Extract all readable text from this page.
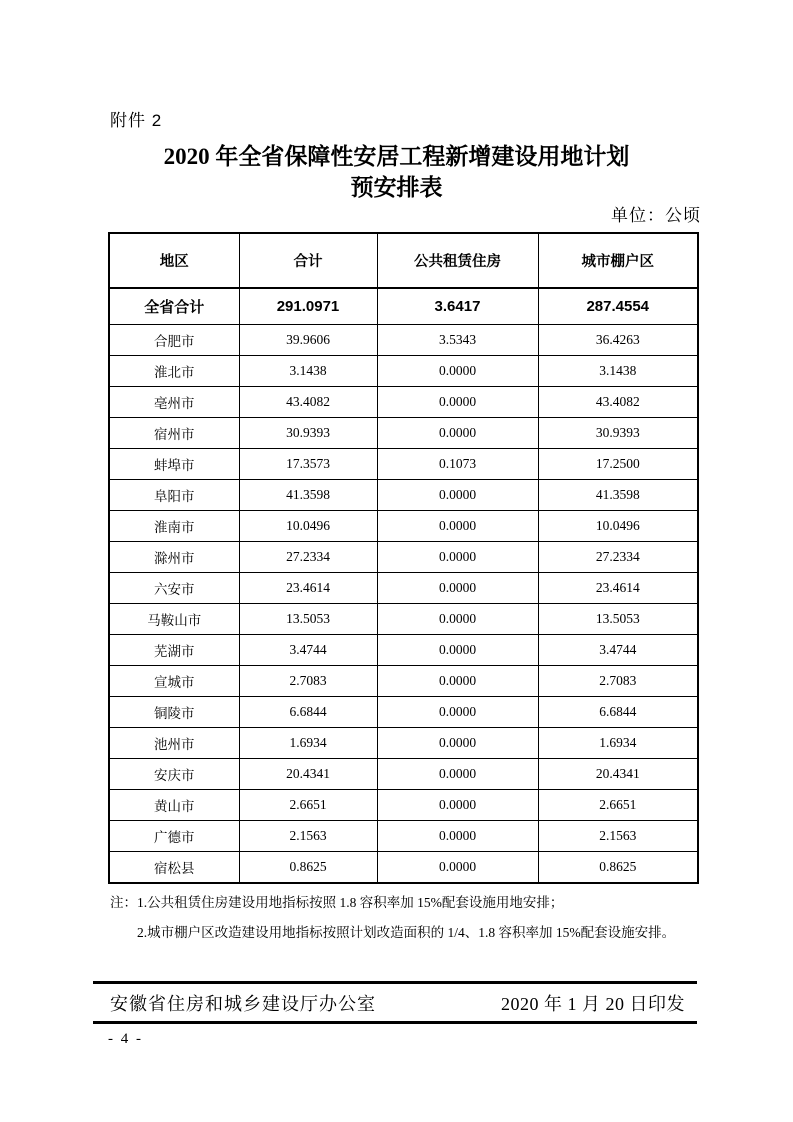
附件 2
2020 年全省保障性安居工程新增建设用地计划
预安排表
单位：公顷
地区	合计	公共租赁住房	城市棚户区
全省合计	291.0971	3.6417	287.4554
合肥市	39.9606	3.5343	36.4263
淮北市	3.1438	0.0000	3.1438
亳州市	43.4082	0.0000	43.4082
宿州市	30.9393	0.0000	30.9393
蚌埠市	17.3573	0.1073	17.2500
阜阳市	41.3598	0.0000	41.3598
淮南市	10.0496	0.0000	10.0496
滁州市	27.2334	0.0000	27.2334
六安市	23.4614	0.0000	23.4614
马鞍山市	13.5053	0.0000	13.5053
芜湖市	3.4744	0.0000	3.4744
宣城市	2.7083	0.0000	2.7083
铜陵市	6.6844	0.0000	6.6844
池州市	1.6934	0.0000	1.6934
安庆市	20.4341	0.0000	20.4341
黄山市	2.6651	0.0000	2.6651
广德市	2.1563	0.0000	2.1563
宿松县	0.8625	0.0000	0.8625
注：1.公共租赁住房建设用地指标按照 1.8 容积率加 15%配套设施用地安排；
2.城市棚户区改造建设用地指标按照计划改造面积的 1/4、1.8 容积率加 15%配套设施安排。
安徽省住房和城乡建设厅办公室	2020 年 1 月 20 日印发
- 4 -
